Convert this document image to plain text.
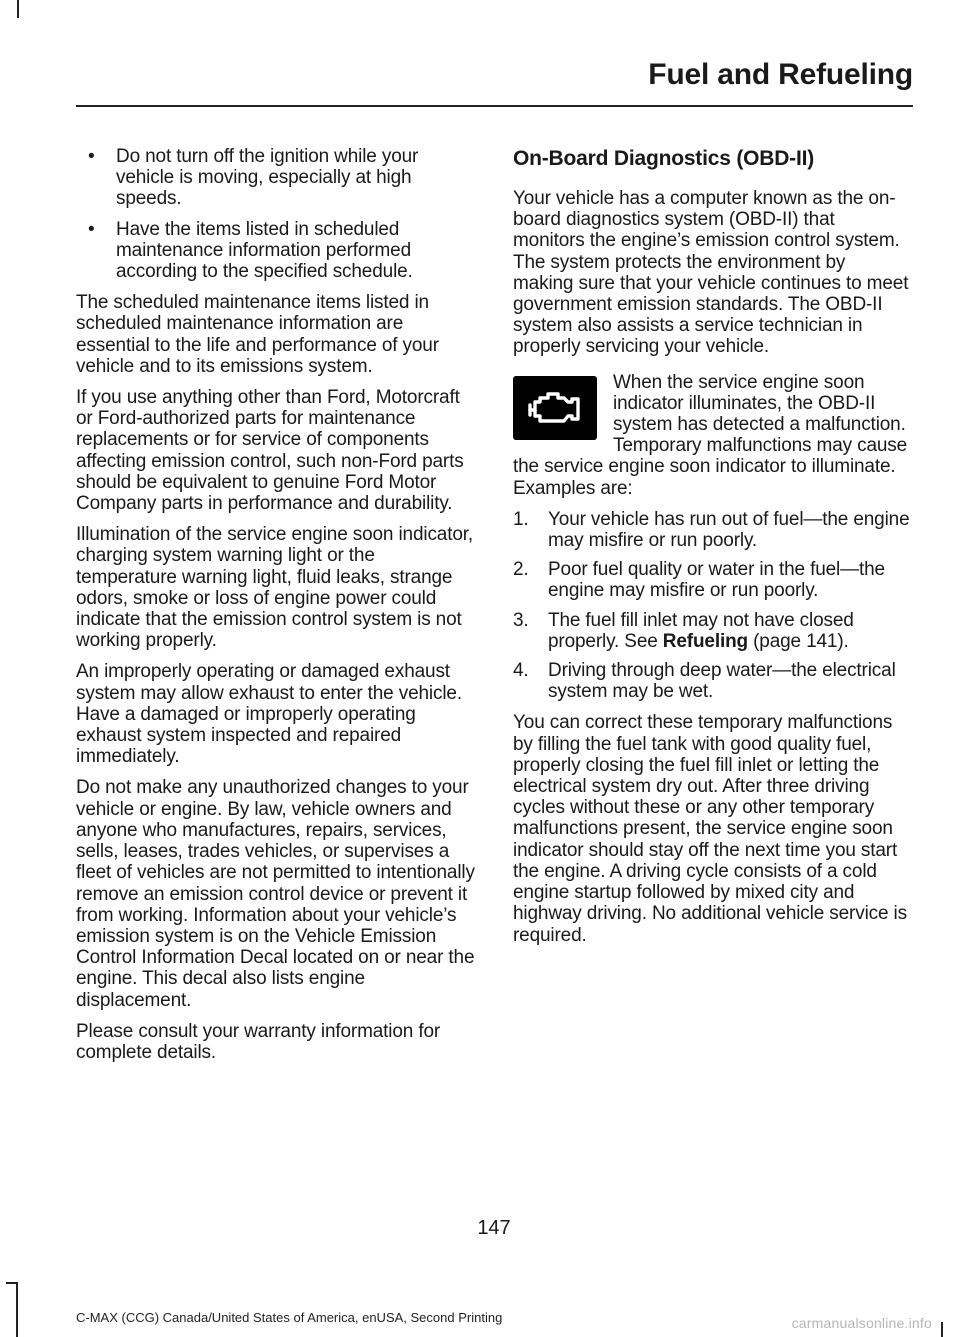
Fuel and Refueling
• Do not turn off the ignition while your vehicle is moving, especially at high speeds.
• Have the items listed in scheduled maintenance information performed according to the specified schedule.

The scheduled maintenance items listed in scheduled maintenance information are essential to the life and performance of your vehicle and to its emissions system.

If you use anything other than Ford, Motorcraft or Ford-authorized parts for maintenance replacements or for service of components affecting emission control, such non-Ford parts should be equivalent to genuine Ford Motor Company parts in performance and durability.

Illumination of the service engine soon indicator, charging system warning light or the temperature warning light, fluid leaks, strange odors, smoke or loss of engine power could indicate that the emission control system is not working properly.

An improperly operating or damaged exhaust system may allow exhaust to enter the vehicle. Have a damaged or improperly operating exhaust system inspected and repaired immediately.

Do not make any unauthorized changes to your vehicle or engine. By law, vehicle owners and anyone who manufactures, repairs, services, sells, leases, trades vehicles, or supervises a fleet of vehicles are not permitted to intentionally remove an emission control device or prevent it from working. Information about your vehicle’s emission system is on the Vehicle Emission Control Information Decal located on or near the engine. This decal also lists engine displacement.

Please consult your warranty information for complete details.

On-Board Diagnostics (OBD-II)

Your vehicle has a computer known as the on-board diagnostics system (OBD-II) that monitors the engine’s emission control system. The system protects the environment by making sure that your vehicle continues to meet government emission standards. The OBD-II system also assists a service technician in properly servicing your vehicle.

When the service engine soon indicator illuminates, the OBD-II system has detected a malfunction. Temporary malfunctions may cause the service engine soon indicator to illuminate. Examples are:

1. Your vehicle has run out of fuel—the engine may misfire or run poorly.
2. Poor fuel quality or water in the fuel—the engine may misfire or run poorly.
3. The fuel fill inlet may not have closed properly. See Refueling (page 141).
4. Driving through deep water—the electrical system may be wet.

You can correct these temporary malfunctions by filling the fuel tank with good quality fuel, properly closing the fuel fill inlet or letting the electrical system dry out. After three driving cycles without these or any other temporary malfunctions present, the service engine soon indicator should stay off the next time you start the engine. A driving cycle consists of a cold engine startup followed by mixed city and highway driving. No additional vehicle service is required.

147
C-MAX (CCG) Canada/United States of America, enUSA, Second Printing	carmanualsonline.info
